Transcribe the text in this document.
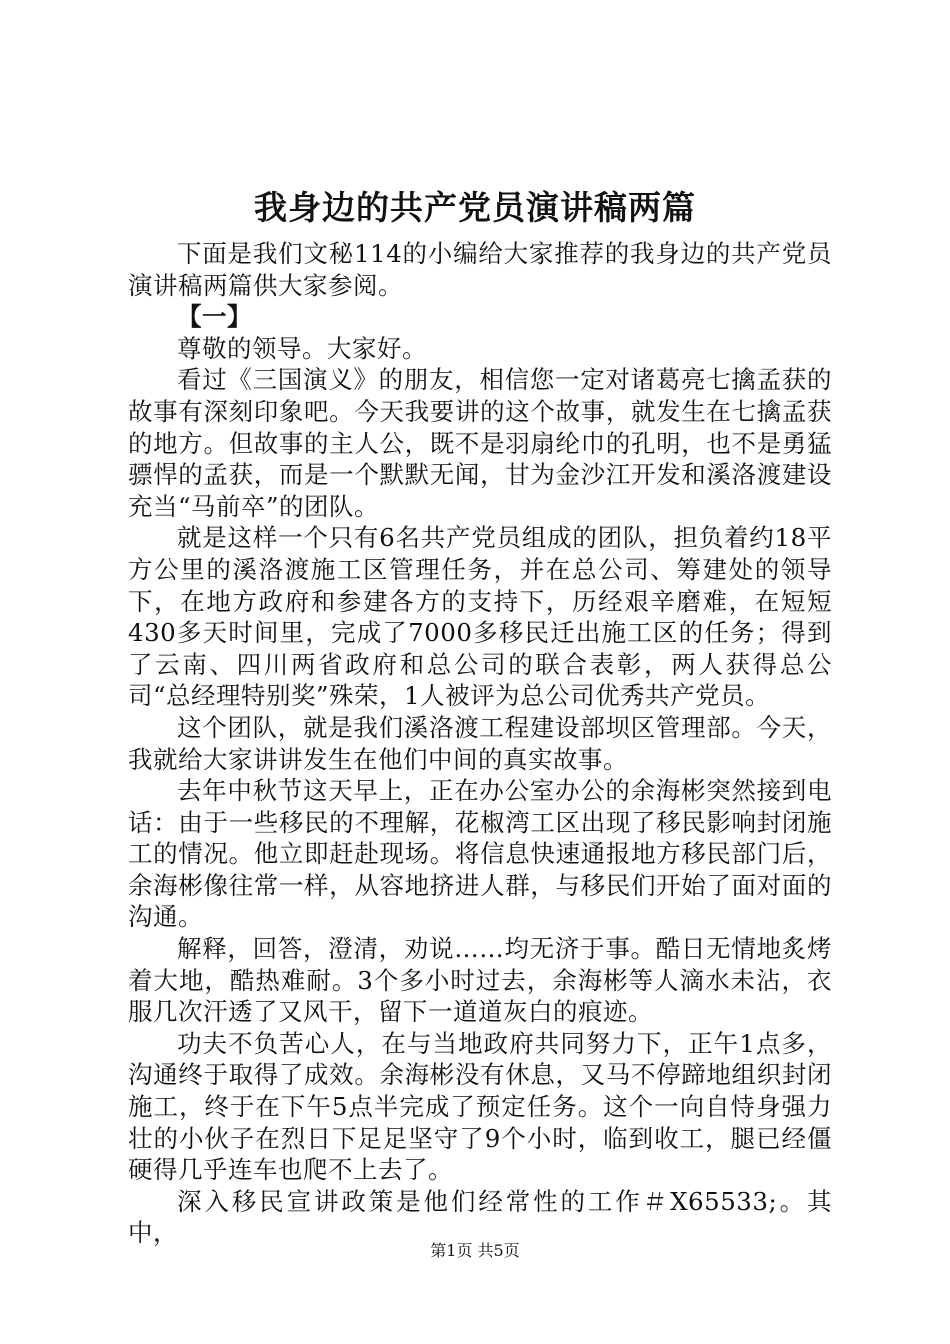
我身边的共产党员演讲稿两篇

下面是我们文秘114的小编给大家推荐的我身边的共产党员演讲稿两篇供大家参阅。

【一】

尊敬的领导。大家好。

看过《三国演义》的朋友，相信您一定对诸葛亮七擒孟获的故事有深刻印象吧。今天我要讲的这个故事，就发生在七擒孟获的地方。但故事的主人公，既不是羽扇纶巾的孔明，也不是勇猛骠悍的孟获，而是一个默默无闻，甘为金沙江开发和溪洛渡建设充当“马前卒”的团队。

就是这样一个只有6名共产党员组成的团队，担负着约18平方公里的溪洛渡施工区管理任务，并在总公司、筹建处的领导下，在地方政府和参建各方的支持下，历经艰辛磨难，在短短430多天时间里，完成了7000多移民迁出施工区的任务；得到了云南、四川两省政府和总公司的联合表彰，两人获得总公司“总经理特别奖”殊荣，1人被评为总公司优秀共产党员。

这个团队，就是我们溪洛渡工程建设部坝区管理部。今天，我就给大家讲讲发生在他们中间的真实故事。

去年中秋节这天早上，正在办公室办公的余海彬突然接到电话：由于一些移民的不理解，花椒湾工区出现了移民影响封闭施工的情况。他立即赶赴现场。将信息快速通报地方移民部门后，余海彬像往常一样，从容地挤进人群，与移民们开始了面对面的沟通。

解释，回答，澄清，劝说……均无济于事。酷日无情地炙烤着大地，酷热难耐。3个多小时过去，余海彬等人滴水未沾，衣服几次汗透了又风干，留下一道道灰白的痕迹。

功夫不负苦心人，在与当地政府共同努力下，正午1点多，沟通终于取得了成效。余海彬没有休息，又马不停蹄地组织封闭施工，终于在下午5点半完成了预定任务。这个一向自恃身强力壮的小伙子在烈日下足足坚守了9个小时，临到收工，腿已经僵硬得几乎连车也爬不上去了。

深入移民宣讲政策是他们经常性的工作＃X65533;。其中，

第1页 共5页
